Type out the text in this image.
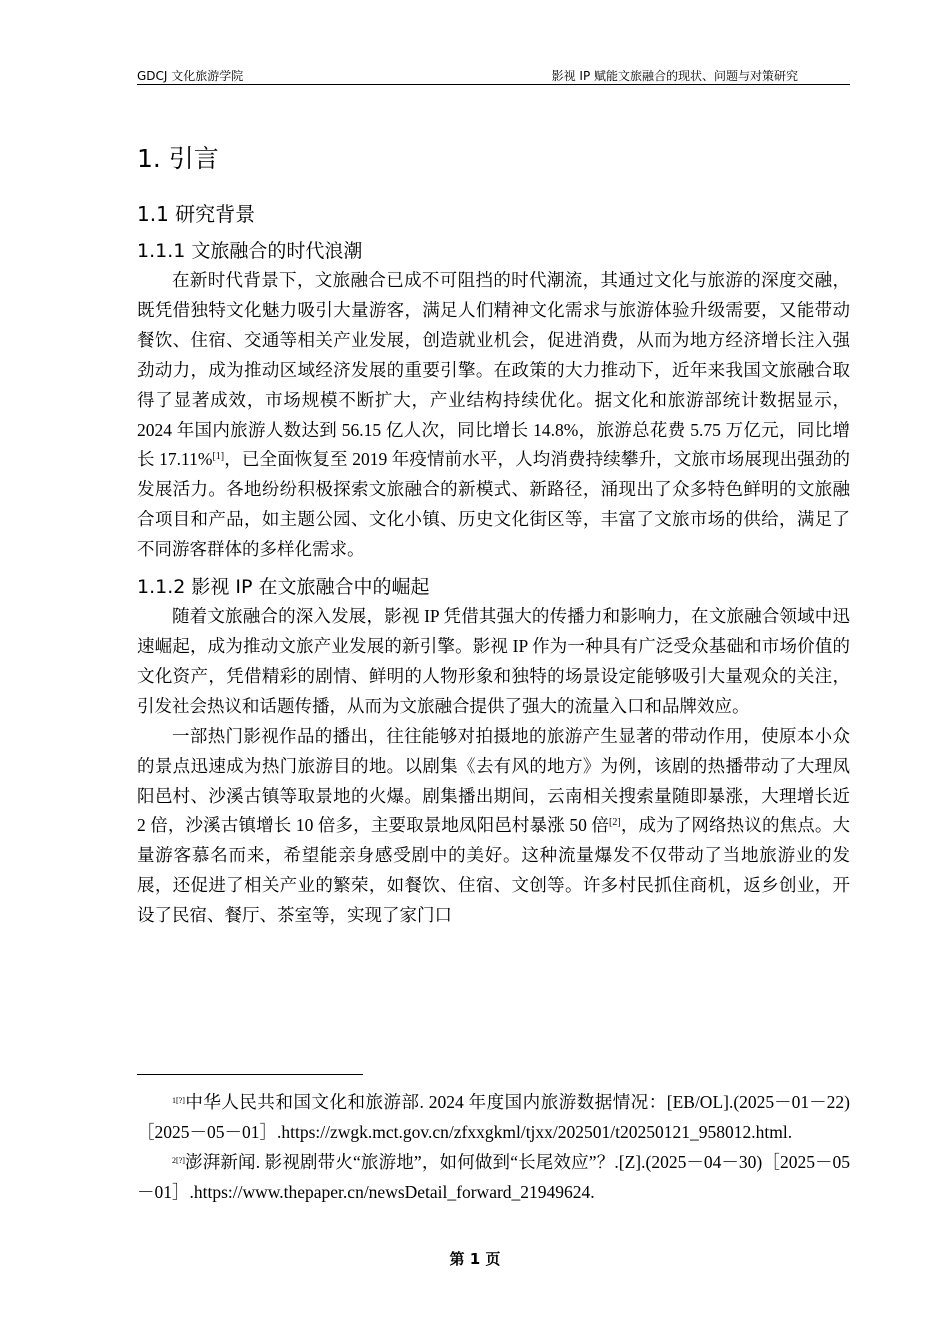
GDCJ 文化旅游学院	影视 IP 赋能文旅融合的现状、问题与对策研究
1. 引言
1.1 研究背景
1.1.1 文旅融合的时代浪潮

在新时代背景下，文旅融合已成不可阻挡的时代潮流，其通过文化与旅游的深度交融，既凭借独特文化魅力吸引大量游客，满足人们精神文化需求与旅游体验升级需要，又能带动餐饮、住宿、交通等相关产业发展，创造就业机会，促进消费，从而为地方经济增长注入强劲动力，成为推动区域经济发展的重要引擎。在政策的大力推动下，近年来我国文旅融合取得了显著成效，市场规模不断扩大，产业结构持续优化。据文化和旅游部统计数据显示，2024 年国内旅游人数达到 56.15 亿人次，同比增长 14.8%，旅游总花费 5.75 万亿元，同比增长 17.11%[1]，已全面恢复至 2019 年疫情前水平，人均消费持续攀升，文旅市场展现出强劲的发展活力。各地纷纷积极探索文旅融合的新模式、新路径，涌现出了众多特色鲜明的文旅融合项目和产品，如主题公园、文化小镇、历史文化街区等，丰富了文旅市场的供给，满足了不同游客群体的多样化需求。

1.1.2 影视 IP 在文旅融合中的崛起

随着文旅融合的深入发展，影视 IP 凭借其强大的传播力和影响力，在文旅融合领域中迅速崛起，成为推动文旅产业发展的新引擎。影视 IP 作为一种具有广泛受众基础和市场价值的文化资产，凭借精彩的剧情、鲜明的人物形象和独特的场景设定能够吸引大量观众的关注，引发社会热议和话题传播，从而为文旅融合提供了强大的流量入口和品牌效应。

一部热门影视作品的播出，往往能够对拍摄地的旅游产生显著的带动作用，使原本小众的景点迅速成为热门旅游目的地。以剧集《去有风的地方》为例，该剧的热播带动了大理凤阳邑村、沙溪古镇等取景地的火爆。剧集播出期间，云南相关搜索量随即暴涨，大理增长近 2 倍，沙溪古镇增长 10 倍多，主要取景地凤阳邑村暴涨 50 倍[2]，成为了网络热议的焦点。大量游客慕名而来，希望能亲身感受剧中的美好。这种流量爆发不仅带动了当地旅游业的发展，还促进了相关产业的繁荣，如餐饮、住宿、文创等。许多村民抓住商机，返乡创业，开设了民宿、餐厅、茶室等，实现了家门口

$^{1[?]}$中华人民共和国文化和旅游部. 2024 年度国内旅游数据情况：[EB/OL].(2025－01－22)［2025－05－01］.https://zwgk.mct.gov.cn/zfxxgkml/tjxx/202501/t20250121_958012.html.

$^{2[?]}$澎湃新闻. 影视剧带火“旅游地”，如何做到“长尾效应”？.[Z].(2025－04－30)［2025－05－01］.https://www.thepaper.cn/newsDetail_forward_21949624.

第 1 页
